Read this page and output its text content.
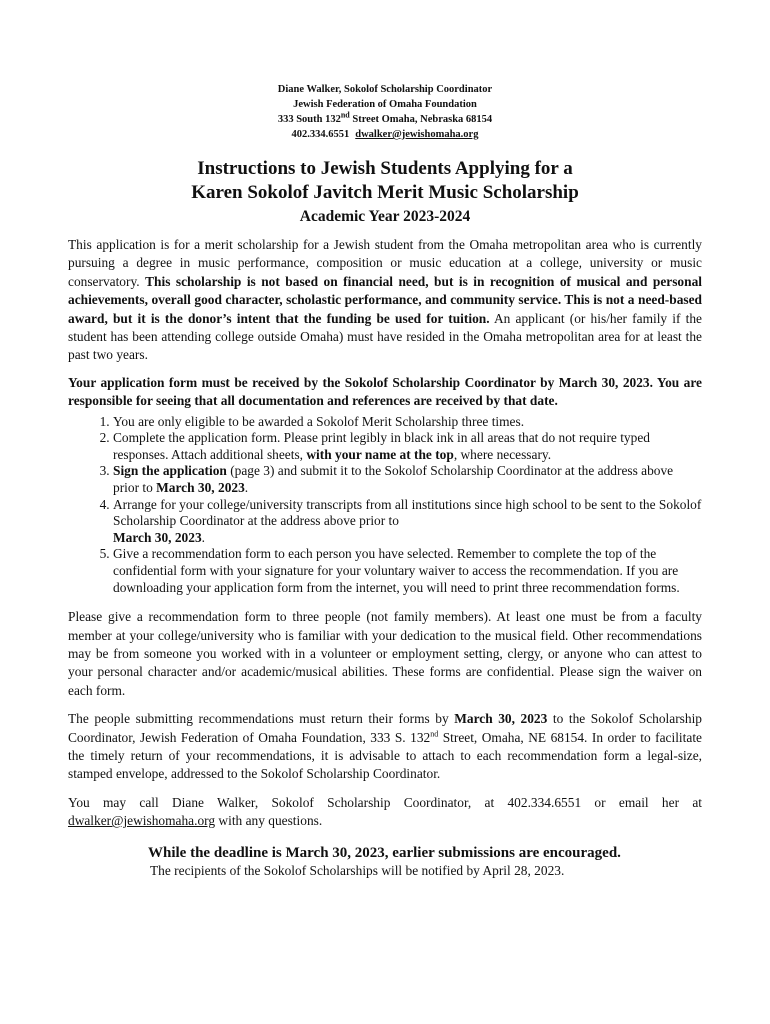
Diane Walker, Sokolof Scholarship Coordinator
Jewish Federation of Omaha Foundation
333 South 132nd Street Omaha, Nebraska 68154
402.334.6551 dwalker@jewishomaha.org
Instructions to Jewish Students Applying for a
Karen Sokolof Javitch Merit Music Scholarship
Academic Year 2023-2024

This application is for a merit scholarship for a Jewish student from the Omaha metropolitan area who is currently pursuing a degree in music performance, composition or music education at a college, university or music conservatory. This scholarship is not based on financial need, but is in recognition of musical and personal achievements, overall good character, scholastic performance, and community service. This is not a need-based award, but it is the donor’s intent that the funding be used for tuition. An applicant (or his/her family if the student has been attending college outside Omaha) must have resided in the Omaha metropolitan area for at least the past two years.

Your application form must be received by the Sokolof Scholarship Coordinator by March 30, 2023. You are responsible for seeing that all documentation and references are received by that date.

1. You are only eligible to be awarded a Sokolof Merit Scholarship three times.
2. Complete the application form. Please print legibly in black ink in all areas that do not require typed responses. Attach additional sheets, with your name at the top, where necessary.
3. Sign the application (page 3) and submit it to the Sokolof Scholarship Coordinator at the address above prior to March 30, 2023.
4. Arrange for your college/university transcripts from all institutions since high school to be sent to the Sokolof Scholarship Coordinator at the address above prior to
March 30, 2023.
5. Give a recommendation form to each person you have selected. Remember to complete the top of the confidential form with your signature for your voluntary waiver to access the recommendation. If you are downloading your application form from the internet, you will need to print three recommendation forms.

Please give a recommendation form to three people (not family members). At least one must be from a faculty member at your college/university who is familiar with your dedication to the musical field. Other recommendations may be from someone you worked with in a volunteer or employment setting, clergy, or anyone who can attest to your personal character and/or academic/musical abilities. These forms are confidential. Please sign the waiver on each form.

The people submitting recommendations must return their forms by March 30, 2023 to the Sokolof Scholarship Coordinator, Jewish Federation of Omaha Foundation, 333 S. 132nd Street, Omaha, NE 68154. In order to facilitate the timely return of your recommendations, it is advisable to attach to each recommendation form a legal-size, stamped envelope, addressed to the Sokolof Scholarship Coordinator.

You may call Diane Walker, Sokolof Scholarship Coordinator, at 402.334.6551 or email her at dwalker@jewishomaha.org with any questions.

While the deadline is March 30, 2023, earlier submissions are encouraged.
The recipients of the Sokolof Scholarships will be notified by April 28, 2023.
